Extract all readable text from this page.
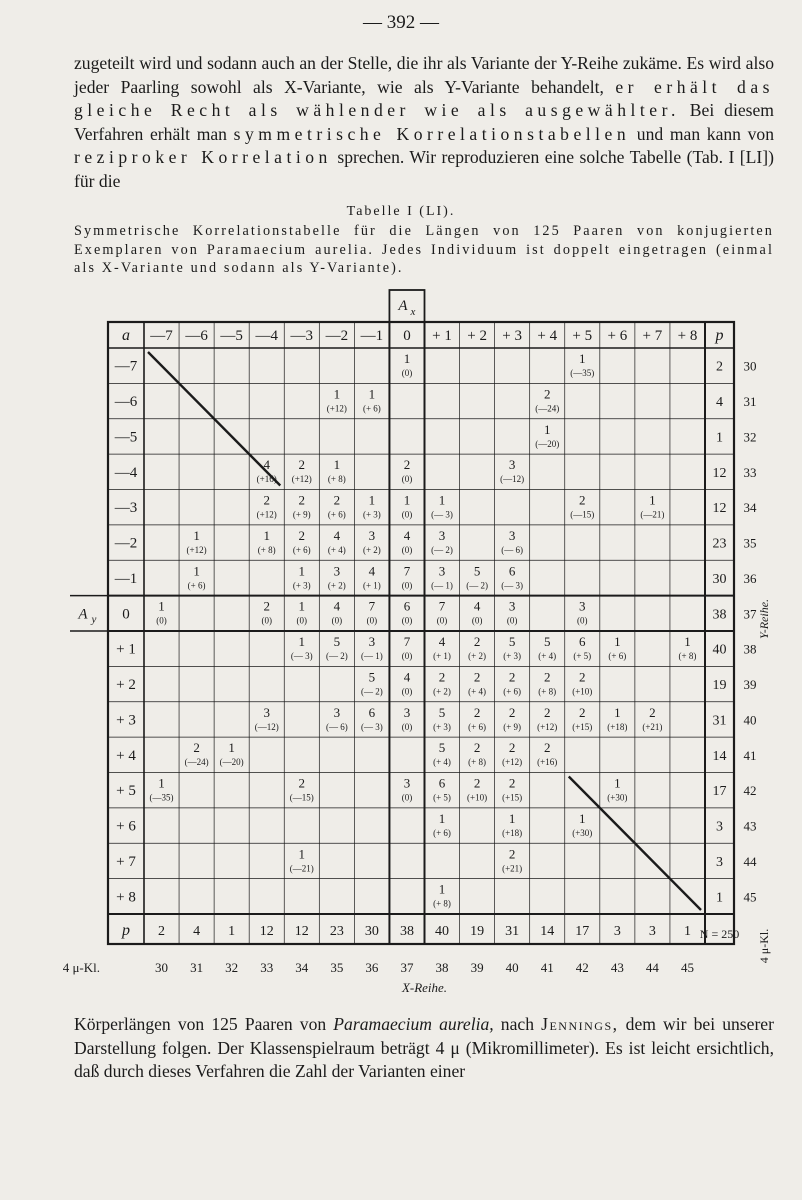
— 392 —

zugeteilt wird und sodann auch an der Stelle, die ihr als Variante der Y-Reihe zukäme. Es wird also jeder Paarling sowohl als X-Variante, wie als Y-Variante behandelt, er erhält das gleiche Recht als wählender wie als ausgewählter. Bei diesem Verfahren erhält man symmetrische Korrelationstabellen und man kann von reziproker Korrelation sprechen. Wir reproduzieren eine solche Tabelle (Tab. I [LI]) für die

Tabelle I (LI).

Symmetrische Korrelationstabelle für die Längen von 125 Paaren von konjugierten Exemplaren von Paramaecium aurelia. Jedes Individuum ist doppelt eingetragen (einmal als X-Variante und sodann als Y-Variante).

A x
A y
a —7 —6 —5 —4 —3 —2 —1 0 + 1 + 2 + 3 + 4 + 5 + 6 + 7 + 8 p
—7
—6
—5
—4
—3
—2
—1
0
+ 1
+ 2
+ 3
+ 4
+ 5
+ 6
+ 7
+ 8
2
4
1
12
12
23
30
38
40
19
31
14
17
3
3
1
30
31
32
33
34
35
36
37
38
39
40
41
42
43
44
45
p 2 4 1 12 12 23 30 38 40 19 31 14 17 3 3 1 N = 250
4 μ-Kl.	30 31 32 33 34 35 36 37 38 39 40 41 42 43 44 45
X-Reihe.
Y-Reihe.
4 μ-Kl.
1
(0)
1
(—35)
1
(+12)
1
(+ 6)
2
(—24)
1
(—20)
4
(+16)
2
(+12)
1
(+ 8)
2
(0)
3
(—12)
2
(+12)
2
(+ 9)
2
(+ 6)
1
(+ 3)
1
(0)
1
(— 3)
2
(—15)
1
(—21)
1
(+12)
1
(+ 8)
2
(+ 6)
4
(+ 4)
3
(+ 2)
4
(0)
3
(— 2)
3
(— 6)
1
(+ 6)
1
(+ 3)
3
(+ 2)
4
(+ 1)
7
(0)
3
(— 1)
5
(— 2)
6
(— 3)
1
(0)
2
(0)
1
(0)
4
(0)
7
(0)
6
(0)
7
(0)
4
(0)
3
(0)
3
(0)
1
(— 3)
5
(— 2)
3
(— 1)
7
(0)
4
(+ 1)
2
(+ 2)
5
(+ 3)
5
(+ 4)
6
(+ 5)
1
(+ 6)
1
(+ 8)
5
(— 2)
4
(0)
2
(+ 2)
2
(+ 4)
2
(+ 6)
2
(+ 8)
2
(+10)
3
(—12)
3
(— 6)
6
(— 3)
3
(0)
5
(+ 3)
2
(+ 6)
2
(+ 9)
2
(+12)
2
(+15)
1
(+18)
2
(+21)
2
(—24)
1
(—20)
5
(+ 4)
2
(+ 8)
2
(+12)
2
(+16)
1
(—35)
2
(—15)
3
(0)
6
(+ 5)
2
(+10)
2
(+15)
1
(+30)
1
(+ 6)
1
(+18)
1
(+30)
1
(—21)
2
(+21)
1
(+ 8)

Körperlängen von 125 Paaren von Paramaecium aurelia, nach Jennings, dem wir bei unserer Darstellung folgen. Der Klassenspielraum beträgt 4 μ (Mikromillimeter). Es ist leicht ersichtlich, daß durch dieses Verfahren die Zahl der Varianten einer
